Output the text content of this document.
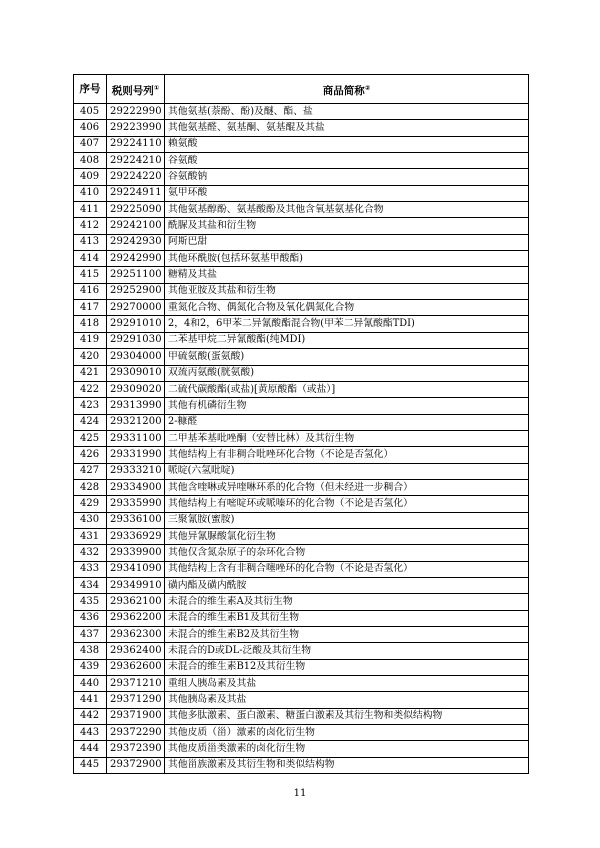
序号	税则号列①	商品简称②
405	29222990	其他氨基(萘酚、酚)及醚、酯、盐
406	29223990	其他氨基醛、氨基酮、氨基醌及其盐
407	29224110	赖氨酸
408	29224210	谷氨酸
409	29224220	谷氨酸钠
410	29224911	氨甲环酸
411	29225090	其他氨基醇酚、氨基酸酚及其他含氧基氨基化合物
412	29242100	酰脲及其盐和衍生物
413	29242930	阿斯巴甜
414	29242990	其他环酰胺(包括环氨基甲酸酯)
415	29251100	糖精及其盐
416	29252900	其他亚胺及其盐和衍生物
417	29270000	重氮化合物、偶氮化合物及氧化偶氮化合物
418	29291010	2，4和2，6甲苯二异氰酸酯混合物(甲苯二异氰酸酯TDI)
419	29291030	二苯基甲烷二异氰酸酯(纯MDI)
420	29304000	甲硫氨酸(蛋氨酸)
421	29309010	双巯丙氨酸(胱氨酸)
422	29309020	二硫代碳酸酯(或盐)[黄原酸酯（或盐）]
423	29313990	其他有机磷衍生物
424	29321200	2-糠醛
425	29331100	二甲基苯基吡唑酮（安替比林）及其衍生物
426	29331990	其他结构上有非稠合吡唑环化合物（不论是否氢化）
427	29333210	哌啶(六氢吡啶)
428	29334900	其他含喹啉或异喹啉环系的化合物（但未经进一步稠合）
429	29335990	其他结构上有嘧啶环或哌嗪环的化合物（不论是否氢化）
430	29336100	三聚氰胺(蜜胺)
431	29336929	其他异氰脲酸氯化衍生物
432	29339900	其他仅含氮杂原子的杂环化合物
433	29341090	其他结构上含有非稠合噻唑环的化合物（不论是否氢化）
434	29349910	磺内酯及磺内酰胺
435	29362100	未混合的维生素A及其衍生物
436	29362200	未混合的维生素B1及其衍生物
437	29362300	未混合的维生素B2及其衍生物
438	29362400	未混合的D或DL-泛酸及其衍生物
439	29362600	未混合的维生素B12及其衍生物
440	29371210	重组人胰岛素及其盐
441	29371290	其他胰岛素及其盐
442	29371900	其他多肽激素、蛋白激素、糖蛋白激素及其衍生物和类似结构物
443	29372290	其他皮质（甾）激素的卤化衍生物
444	29372390	其他皮质甾类激素的卤化衍生物
445	29372900	其他甾族激素及其衍生物和类似结构物
11
